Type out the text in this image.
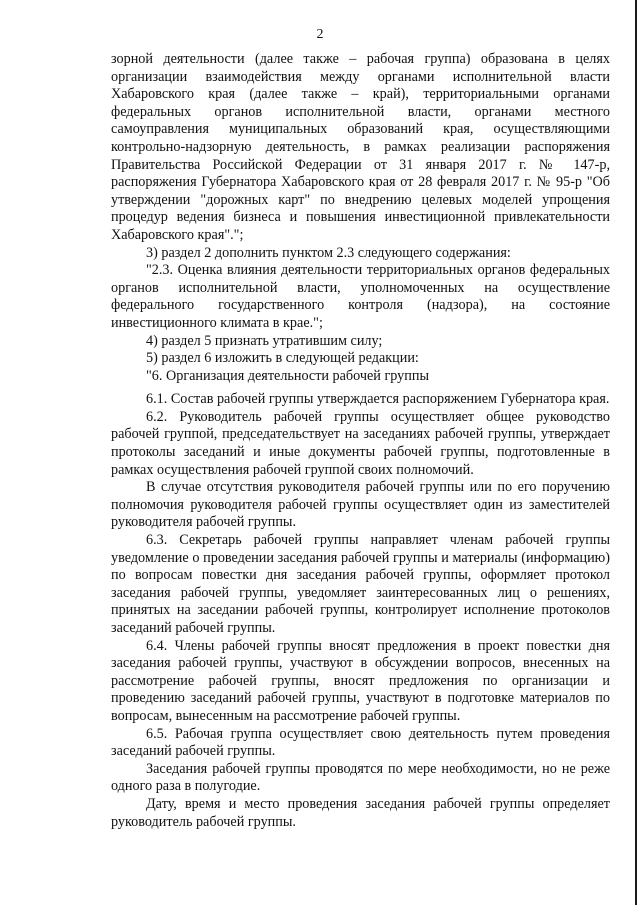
2

зорной деятельности (далее также – рабочая группа) образована в целях организации взаимодействия между органами исполнительной власти Хабаровского края (далее также – край), территориальными органами федеральных органов исполнительной власти, органами местного самоуправления муниципальных образований края, осуществляющими контрольно-надзорную деятельность, в рамках реализации распоряжения Правительства Российской Федерации от 31 января 2017 г. № 147-р, распоряжения Губернатора Хабаровского края от 28 февраля 2017 г. № 95-р "Об утверждении "дорожных карт" по внедрению целевых моделей упрощения процедур ведения бизнеса и повышения инвестиционной привлекательности Хабаровского края".";

3) раздел 2 дополнить пунктом 2.3 следующего содержания:

"2.3. Оценка влияния деятельности территориальных органов федеральных органов исполнительной власти, уполномоченных на осуществление федерального государственного контроля (надзора), на состояние инвестиционного климата в крае.";

4) раздел 5 признать утратившим силу;

5) раздел 6 изложить в следующей редакции:

"6. Организация деятельности рабочей группы

6.1. Состав рабочей группы утверждается распоряжением Губернатора края.

6.2. Руководитель рабочей группы осуществляет общее руководство рабочей группой, председательствует на заседаниях рабочей группы, утверждает протоколы заседаний и иные документы рабочей группы, подготовленные в рамках осуществления рабочей группой своих полномочий.

В случае отсутствия руководителя рабочей группы или по его поручению полномочия руководителя рабочей группы осуществляет один из заместителей руководителя рабочей группы.

6.3. Секретарь рабочей группы направляет членам рабочей группы уведомление о проведении заседания рабочей группы и материалы (информацию) по вопросам повестки дня заседания рабочей группы, оформляет протокол заседания рабочей группы, уведомляет заинтересованных лиц о решениях, принятых на заседании рабочей группы, контролирует исполнение протоколов заседаний рабочей группы.

6.4. Члены рабочей группы вносят предложения в проект повестки дня заседания рабочей группы, участвуют в обсуждении вопросов, внесенных на рассмотрение рабочей группы, вносят предложения по организации и проведению заседаний рабочей группы, участвуют в подготовке материалов по вопросам, вынесенным на рассмотрение рабочей группы.

6.5. Рабочая группа осуществляет свою деятельность путем проведения заседаний рабочей группы.

Заседания рабочей группы проводятся по мере необходимости, но не реже одного раза в полугодие.

Дату, время и место проведения заседания рабочей группы определяет руководитель рабочей группы.
